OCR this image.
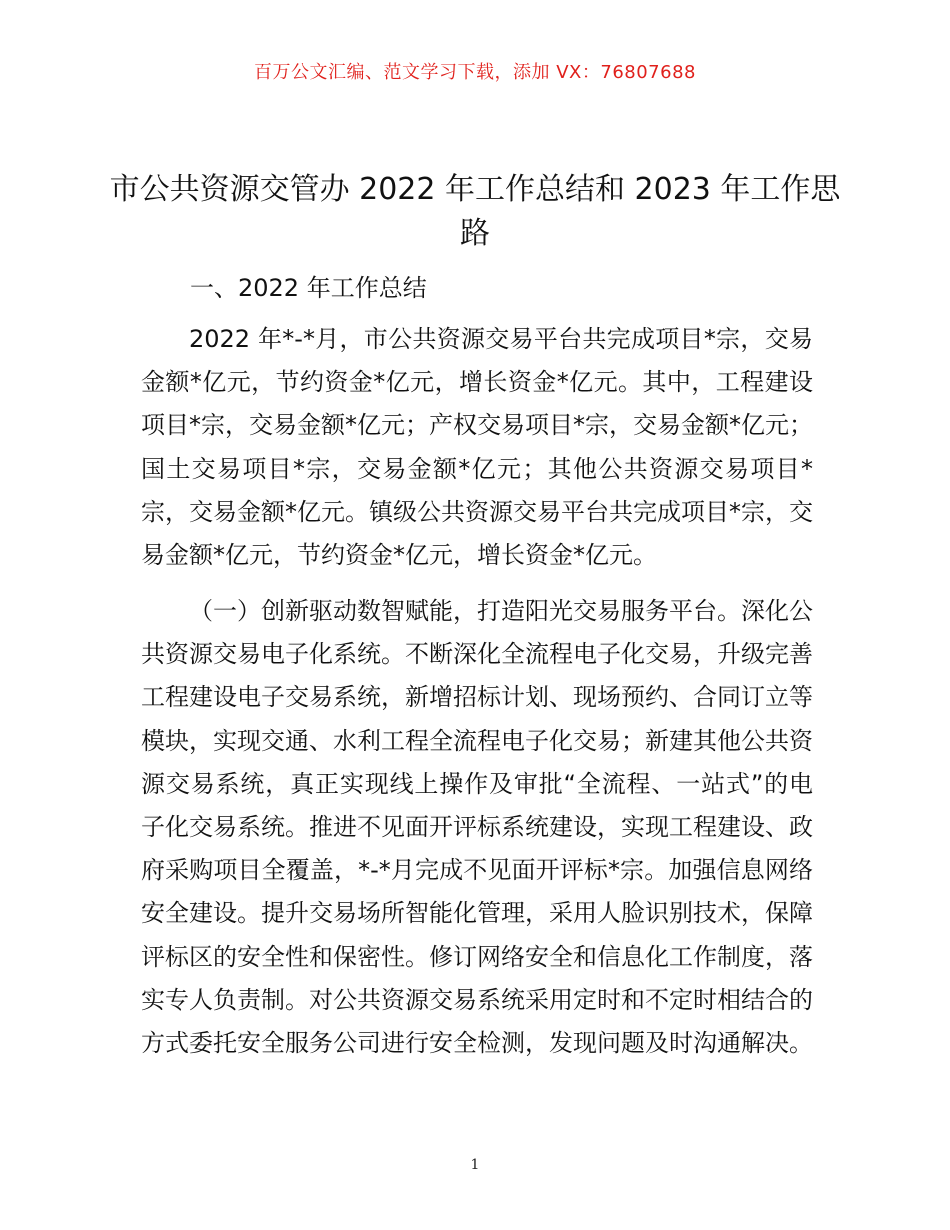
百万公文汇编、范文学习下载，添加 VX：76807688
市公共资源交管办 2022 年工作总结和 2023 年工作思路
一、2022 年工作总结
2022 年*-*月，市公共资源交易平台共完成项目*宗，交易金额*亿元，节约资金*亿元，增长资金*亿元。其中，工程建设项目*宗，交易金额*亿元；产权交易项目*宗，交易金额*亿元；国土交易项目*宗，交易金额*亿元；其他公共资源交易项目*宗，交易金额*亿元。镇级公共资源交易平台共完成项目*宗，交易金额*亿元，节约资金*亿元，增长资金*亿元。
（一）创新驱动数智赋能，打造阳光交易服务平台。深化公共资源交易电子化系统。不断深化全流程电子化交易，升级完善工程建设电子交易系统，新增招标计划、现场预约、合同订立等模块，实现交通、水利工程全流程电子化交易；新建其他公共资源交易系统，真正实现线上操作及审批“全流程、一站式”的电子化交易系统。推进不见面开评标系统建设，实现工程建设、政府采购项目全覆盖，*-*月完成不见面开评标*宗。加强信息网络安全建设。提升交易场所智能化管理，采用人脸识别技术，保障评标区的安全性和保密性。修订网络安全和信息化工作制度，落实专人负责制。对公共资源交易系统采用定时和不定时相结合的方式委托安全服务公司进行安全检测，发现问题及时沟通解决。
1
